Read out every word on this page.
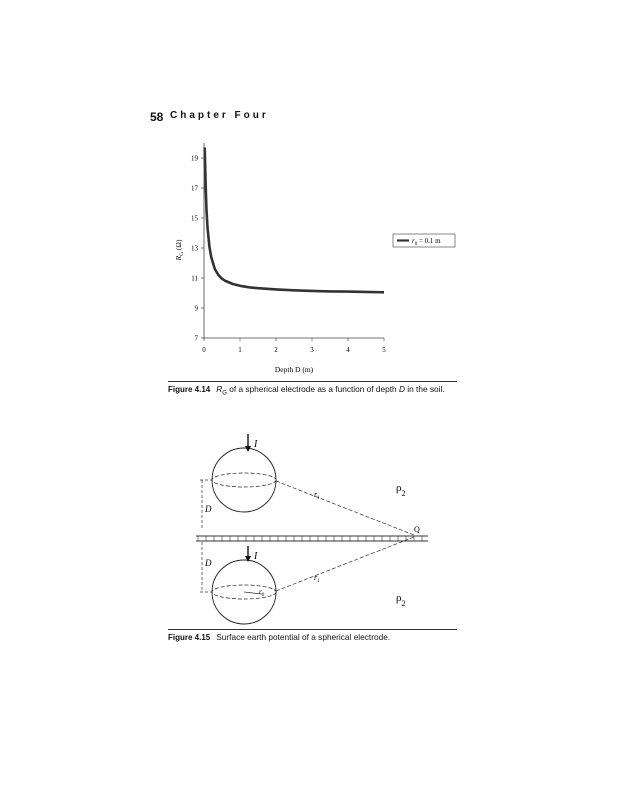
58 Chapter Four
7
9
11
13
15
17
19
0	1	2	3	4	5
$r_0 = 0.1$ m
$R_G$ (Ω)
Depth D (m)
Figure 4.14 $R_G$ of a spherical electrode as a function of depth D in the soil.
I
I
D
D
$r_1$
$r_1$
$r_0$
$\rho_2$
$\rho_2$
Q
Figure 4.15 Surface earth potential of a spherical electrode.
